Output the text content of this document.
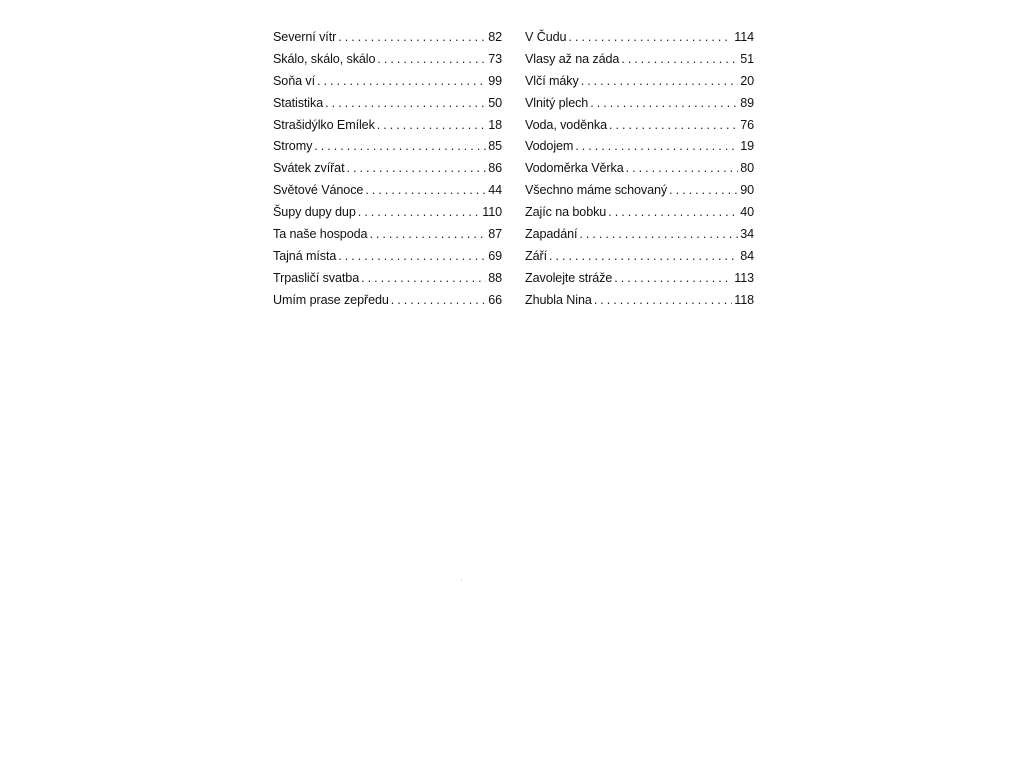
Severní vítr . . .	82
Skálo, skálo, skálo . . .	73
Soňa ví . . .	99
Statistika . . .	50
Strašidýlko Emílek . . .	18
Stromy . . .	85
Svátek zvířat . . .	86
Světové Vánoce . . .	44
Šupy dupy dup . . .	110
Ta naše hospoda . . .	87
Tajná místa . . .	69
Trpasličí svatba . . .	88
Umím prase zepředu . . .	66
V Čudu . . .	114
Vlasy až na záda . . .	51
Vlčí máky . . .	20
Vlnitý plech . . .	89
Voda, voděnka . . .	76
Vodojem . . .	19
Vodoměrka Věrka . . .	80
Všechno máme schovaný . . .	90
Zajíc na bobku . . .	40
Zapadání . . .	34
Září . . .	84
Zavolejte stráže . . .	113
Zhubla Nina . . .	118
